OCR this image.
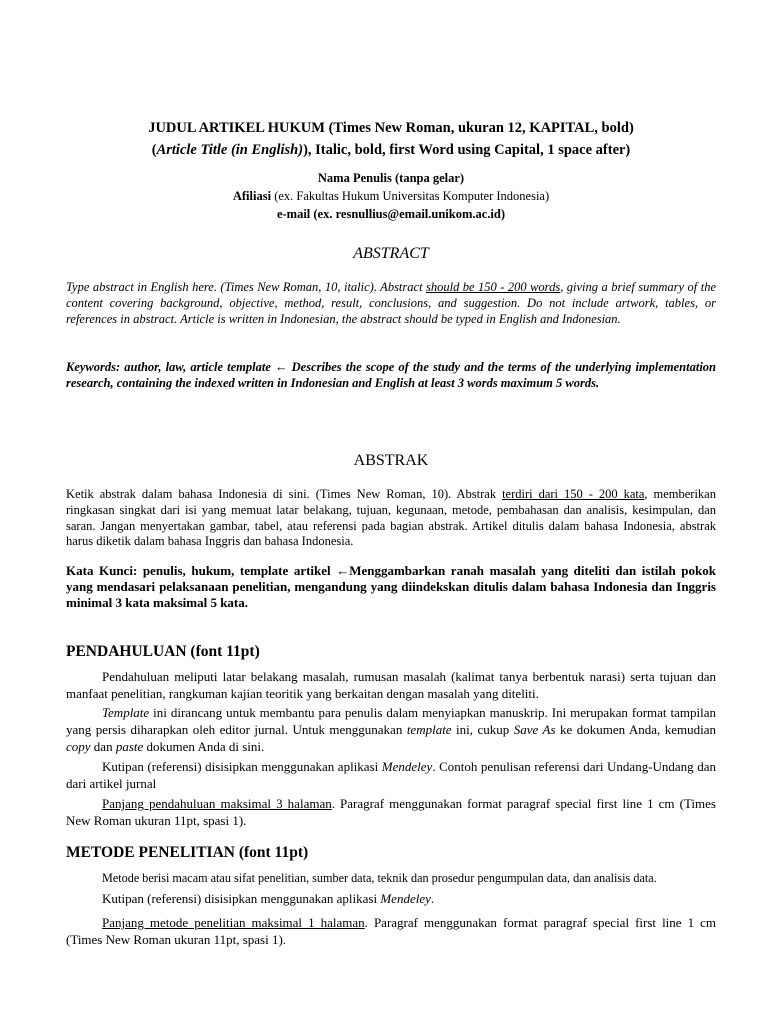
JUDUL ARTIKEL HUKUM (Times New Roman, ukuran 12, KAPITAL, bold)
(Article Title (in English)), Italic, bold, first Word using Capital, 1 space after)
Nama Penulis (tanpa gelar)
Afiliasi (ex. Fakultas Hukum Universitas Komputer Indonesia)
e-mail (ex. resnullius@email.unikom.ac.id)
ABSTRACT
Type abstract in English here. (Times New Roman, 10, italic). Abstract should be 150 - 200 words, giving a brief summary of the content covering background, objective, method, result, conclusions, and suggestion. Do not include artwork, tables, or references in abstract. Article is written in Indonesian, the abstract should be typed in English and Indonesian.
Keywords: author, law, article template ← Describes the scope of the study and the terms of the underlying implementation research, containing the indexed written in Indonesian and English at least 3 words maximum 5 words.
ABSTRAK
Ketik abstrak dalam bahasa Indonesia di sini. (Times New Roman, 10). Abstrak terdiri dari 150 - 200 kata, memberikan ringkasan singkat dari isi yang memuat latar belakang, tujuan, kegunaan, metode, pembahasan dan analisis, kesimpulan, dan saran. Jangan menyertakan gambar, tabel, atau referensi pada bagian abstrak. Artikel ditulis dalam bahasa Indonesia, abstrak harus diketik dalam bahasa Inggris dan bahasa Indonesia.
Kata Kunci: penulis, hukum, template artikel ←Menggambarkan ranah masalah yang diteliti dan istilah pokok yang mendasari pelaksanaan penelitian, mengandung yang diindekskan ditulis dalam bahasa Indonesia dan Inggris minimal 3 kata maksimal 5 kata.
PENDAHULUAN (font 11pt)
Pendahuluan meliputi latar belakang masalah, rumusan masalah (kalimat tanya berbentuk narasi) serta tujuan dan manfaat penelitian, rangkuman kajian teoritik yang berkaitan dengan masalah yang diteliti.
Template ini dirancang untuk membantu para penulis dalam menyiapkan manuskrip. Ini merupakan format tampilan yang persis diharapkan oleh editor jurnal. Untuk menggunakan template ini, cukup Save As ke dokumen Anda, kemudian copy dan paste dokumen Anda di sini.
Kutipan (referensi) disisipkan menggunakan aplikasi Mendeley. Contoh penulisan referensi dari Undang-Undang dan dari artikel jurnal
Panjang pendahuluan maksimal 3 halaman. Paragraf menggunakan format paragraf special first line 1 cm (Times New Roman ukuran 11pt, spasi 1).
METODE PENELITIAN (font 11pt)
Metode berisi macam atau sifat penelitian, sumber data, teknik dan prosedur pengumpulan data, dan analisis data.
Kutipan (referensi) disisipkan menggunakan aplikasi Mendeley.
Panjang metode penelitian maksimal 1 halaman. Paragraf menggunakan format paragraf special first line 1 cm (Times New Roman ukuran 11pt, spasi 1).
